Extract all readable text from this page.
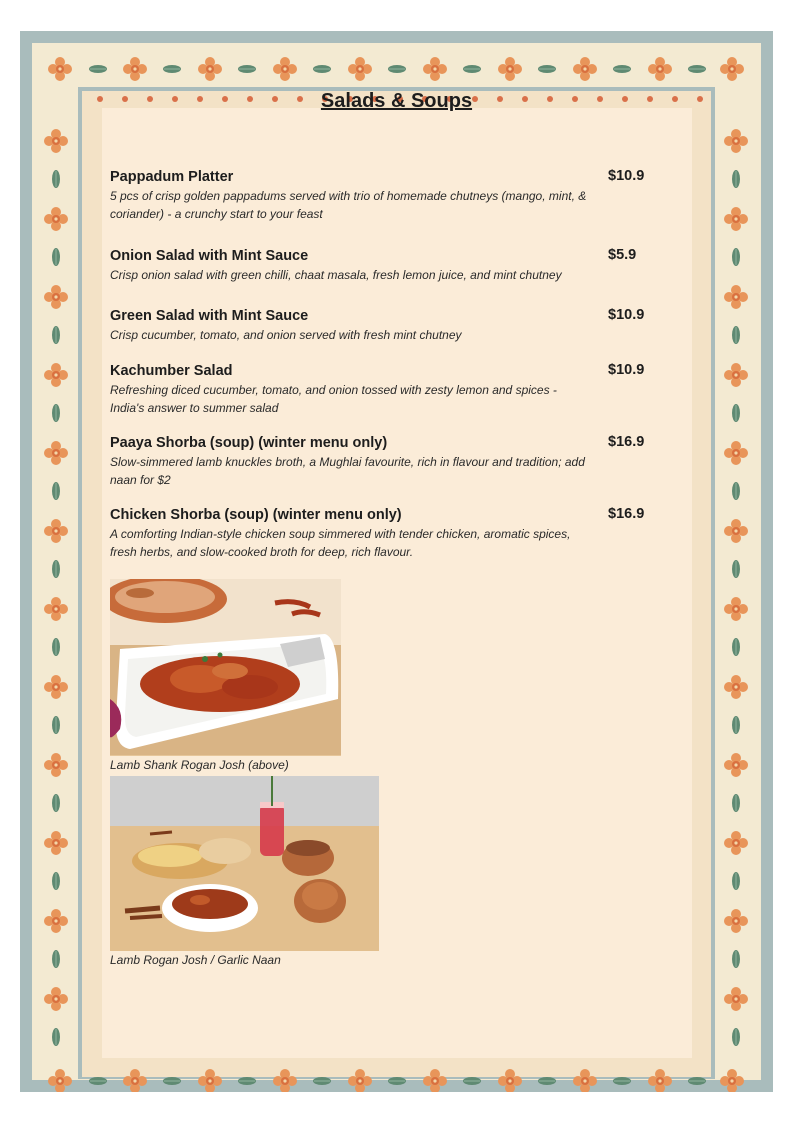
Salads & Soups
Pappadum Platter	$10.9
5 pcs of crisp golden pappadums served with trio of homemade chutneys (mango, mint, & coriander) - a crunchy start to your feast
Onion Salad with Mint Sauce	$5.9
Crisp onion salad with green chilli, chaat masala, fresh lemon juice, and mint chutney
Green Salad with Mint Sauce	$10.9
Crisp cucumber, tomato, and onion served with fresh mint chutney
Kachumber Salad	$10.9
Refreshing diced cucumber, tomato, and onion tossed with zesty lemon and spices - India's answer to summer salad
Paaya Shorba (soup) (winter menu only)	$16.9
Slow-simmered lamb knuckles broth, a Mughlai favourite, rich in flavour and tradition; add naan for $2
Chicken Shorba (soup) (winter menu only)	$16.9
A comforting Indian-style chicken soup simmered with tender chicken, aromatic spices, fresh herbs, and slow-cooked broth for deep, rich flavour.
Lamb Shank Rogan Josh (above)
Lamb Rogan Josh / Garlic Naan
